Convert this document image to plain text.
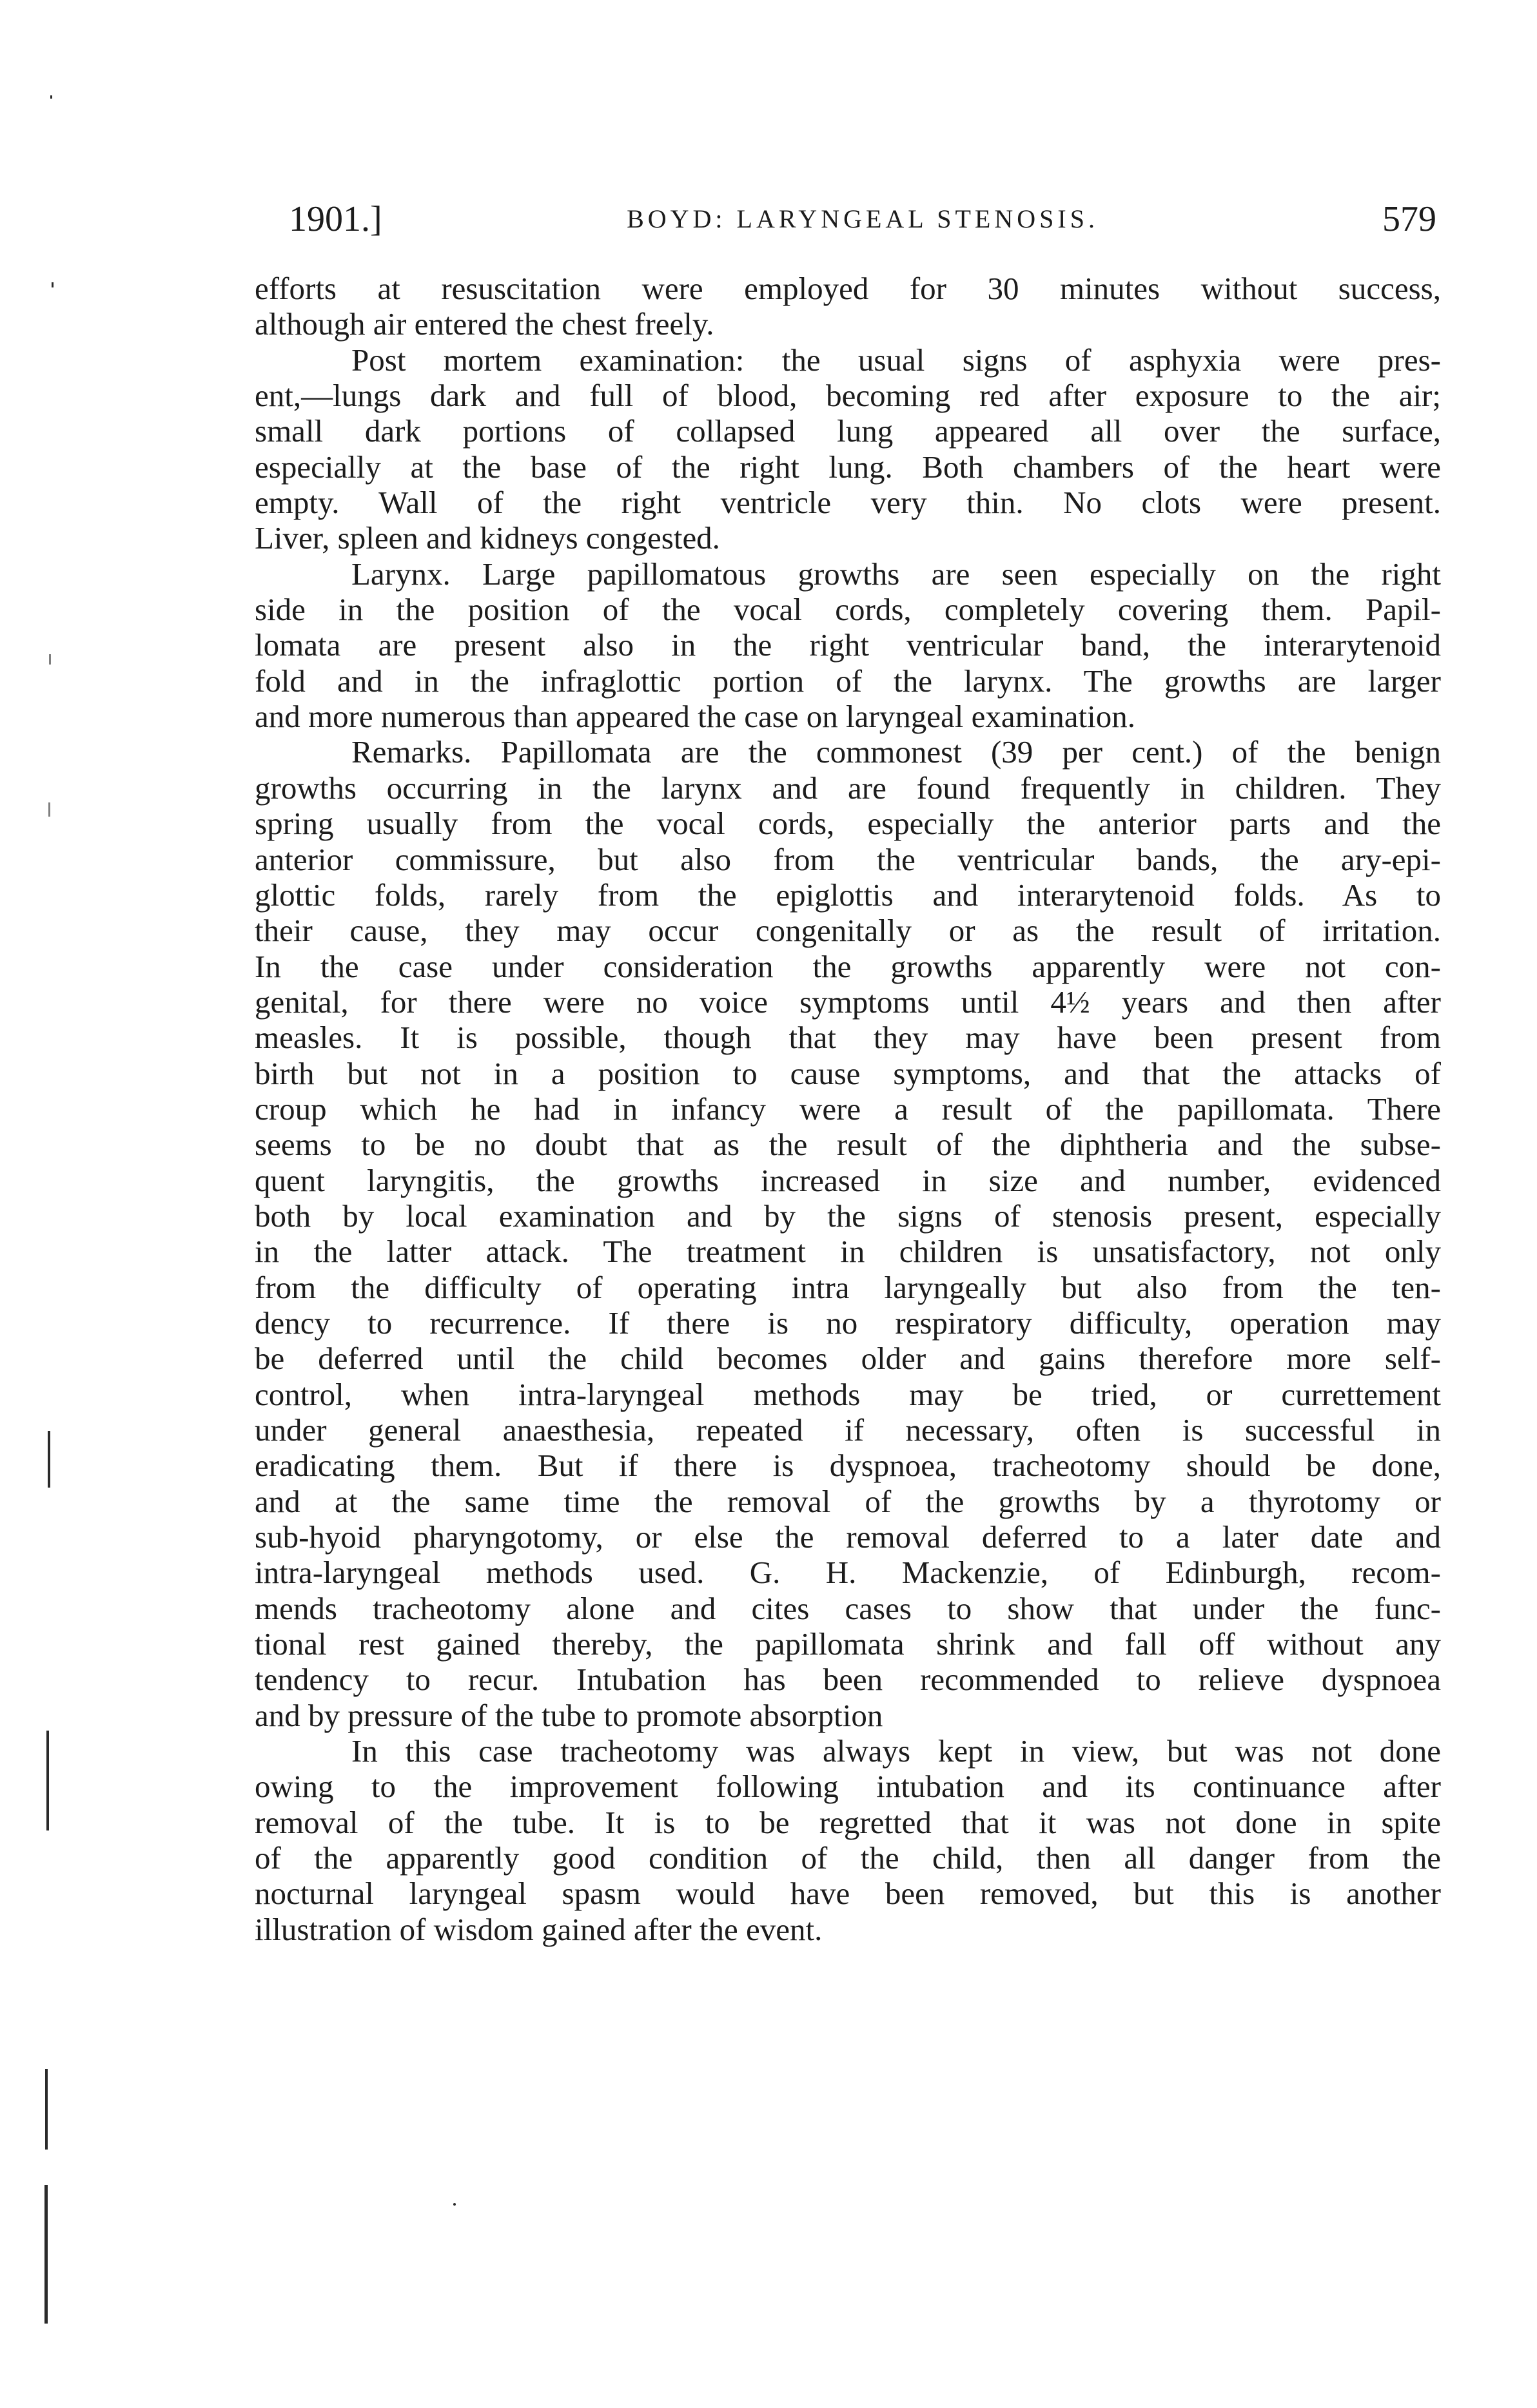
1901.]	BOYD: LARYNGEAL STENOSIS.	579
efforts at resuscitation were employed for 30 minutes without success,
although air entered the chest freely.
Post mortem examination: the usual signs of asphyxia were pres-
ent,—lungs dark and full of blood, becoming red after exposure to the air;
small dark portions of collapsed lung appeared all over the surface,
especially at the base of the right lung. Both chambers of the heart were
empty. Wall of the right ventricle very thin. No clots were present.
Liver, spleen and kidneys congested.
Larynx. Large papillomatous growths are seen especially on the right
side in the position of the vocal cords, completely covering them. Papil-
lomata are present also in the right ventricular band, the interarytenoid
fold and in the infraglottic portion of the larynx. The growths are larger
and more numerous than appeared the case on laryngeal examination.
Remarks. Papillomata are the commonest (39 per cent.) of the benign
growths occurring in the larynx and are found frequently in children. They
spring usually from the vocal cords, especially the anterior parts and the
anterior commissure, but also from the ventricular bands, the ary-epi-
glottic folds, rarely from the epiglottis and interarytenoid folds. As to
their cause, they may occur congenitally or as the result of irritation.
In the case under consideration the growths apparently were not con-
genital, for there were no voice symptoms until 4½ years and then after
measles. It is possible, though that they may have been present from
birth but not in a position to cause symptoms, and that the attacks of
croup which he had in infancy were a result of the papillomata. There
seems to be no doubt that as the result of the diphtheria and the subse-
quent laryngitis, the growths increased in size and number, evidenced
both by local examination and by the signs of stenosis present, especially
in the latter attack. The treatment in children is unsatisfactory, not only
from the difficulty of operating intra laryngeally but also from the ten-
dency to recurrence. If there is no respiratory difficulty, operation may
be deferred until the child becomes older and gains therefore more self-
control, when intra-laryngeal methods may be tried, or currettement
under general anaesthesia, repeated if necessary, often is successful in
eradicating them. But if there is dyspnoea, tracheotomy should be done,
and at the same time the removal of the growths by a thyrotomy or
sub-hyoid pharyngotomy, or else the removal deferred to a later date and
intra-laryngeal methods used. G. H. Mackenzie, of Edinburgh, recom-
mends tracheotomy alone and cites cases to show that under the func-
tional rest gained thereby, the papillomata shrink and fall off without any
tendency to recur. Intubation has been recommended to relieve dyspnoea
and by pressure of the tube to promote absorption
In this case tracheotomy was always kept in view, but was not done
owing to the improvement following intubation and its continuance after
removal of the tube. It is to be regretted that it was not done in spite
of the apparently good condition of the child, then all danger from the
nocturnal laryngeal spasm would have been removed, but this is another
illustration of wisdom gained after the event.
